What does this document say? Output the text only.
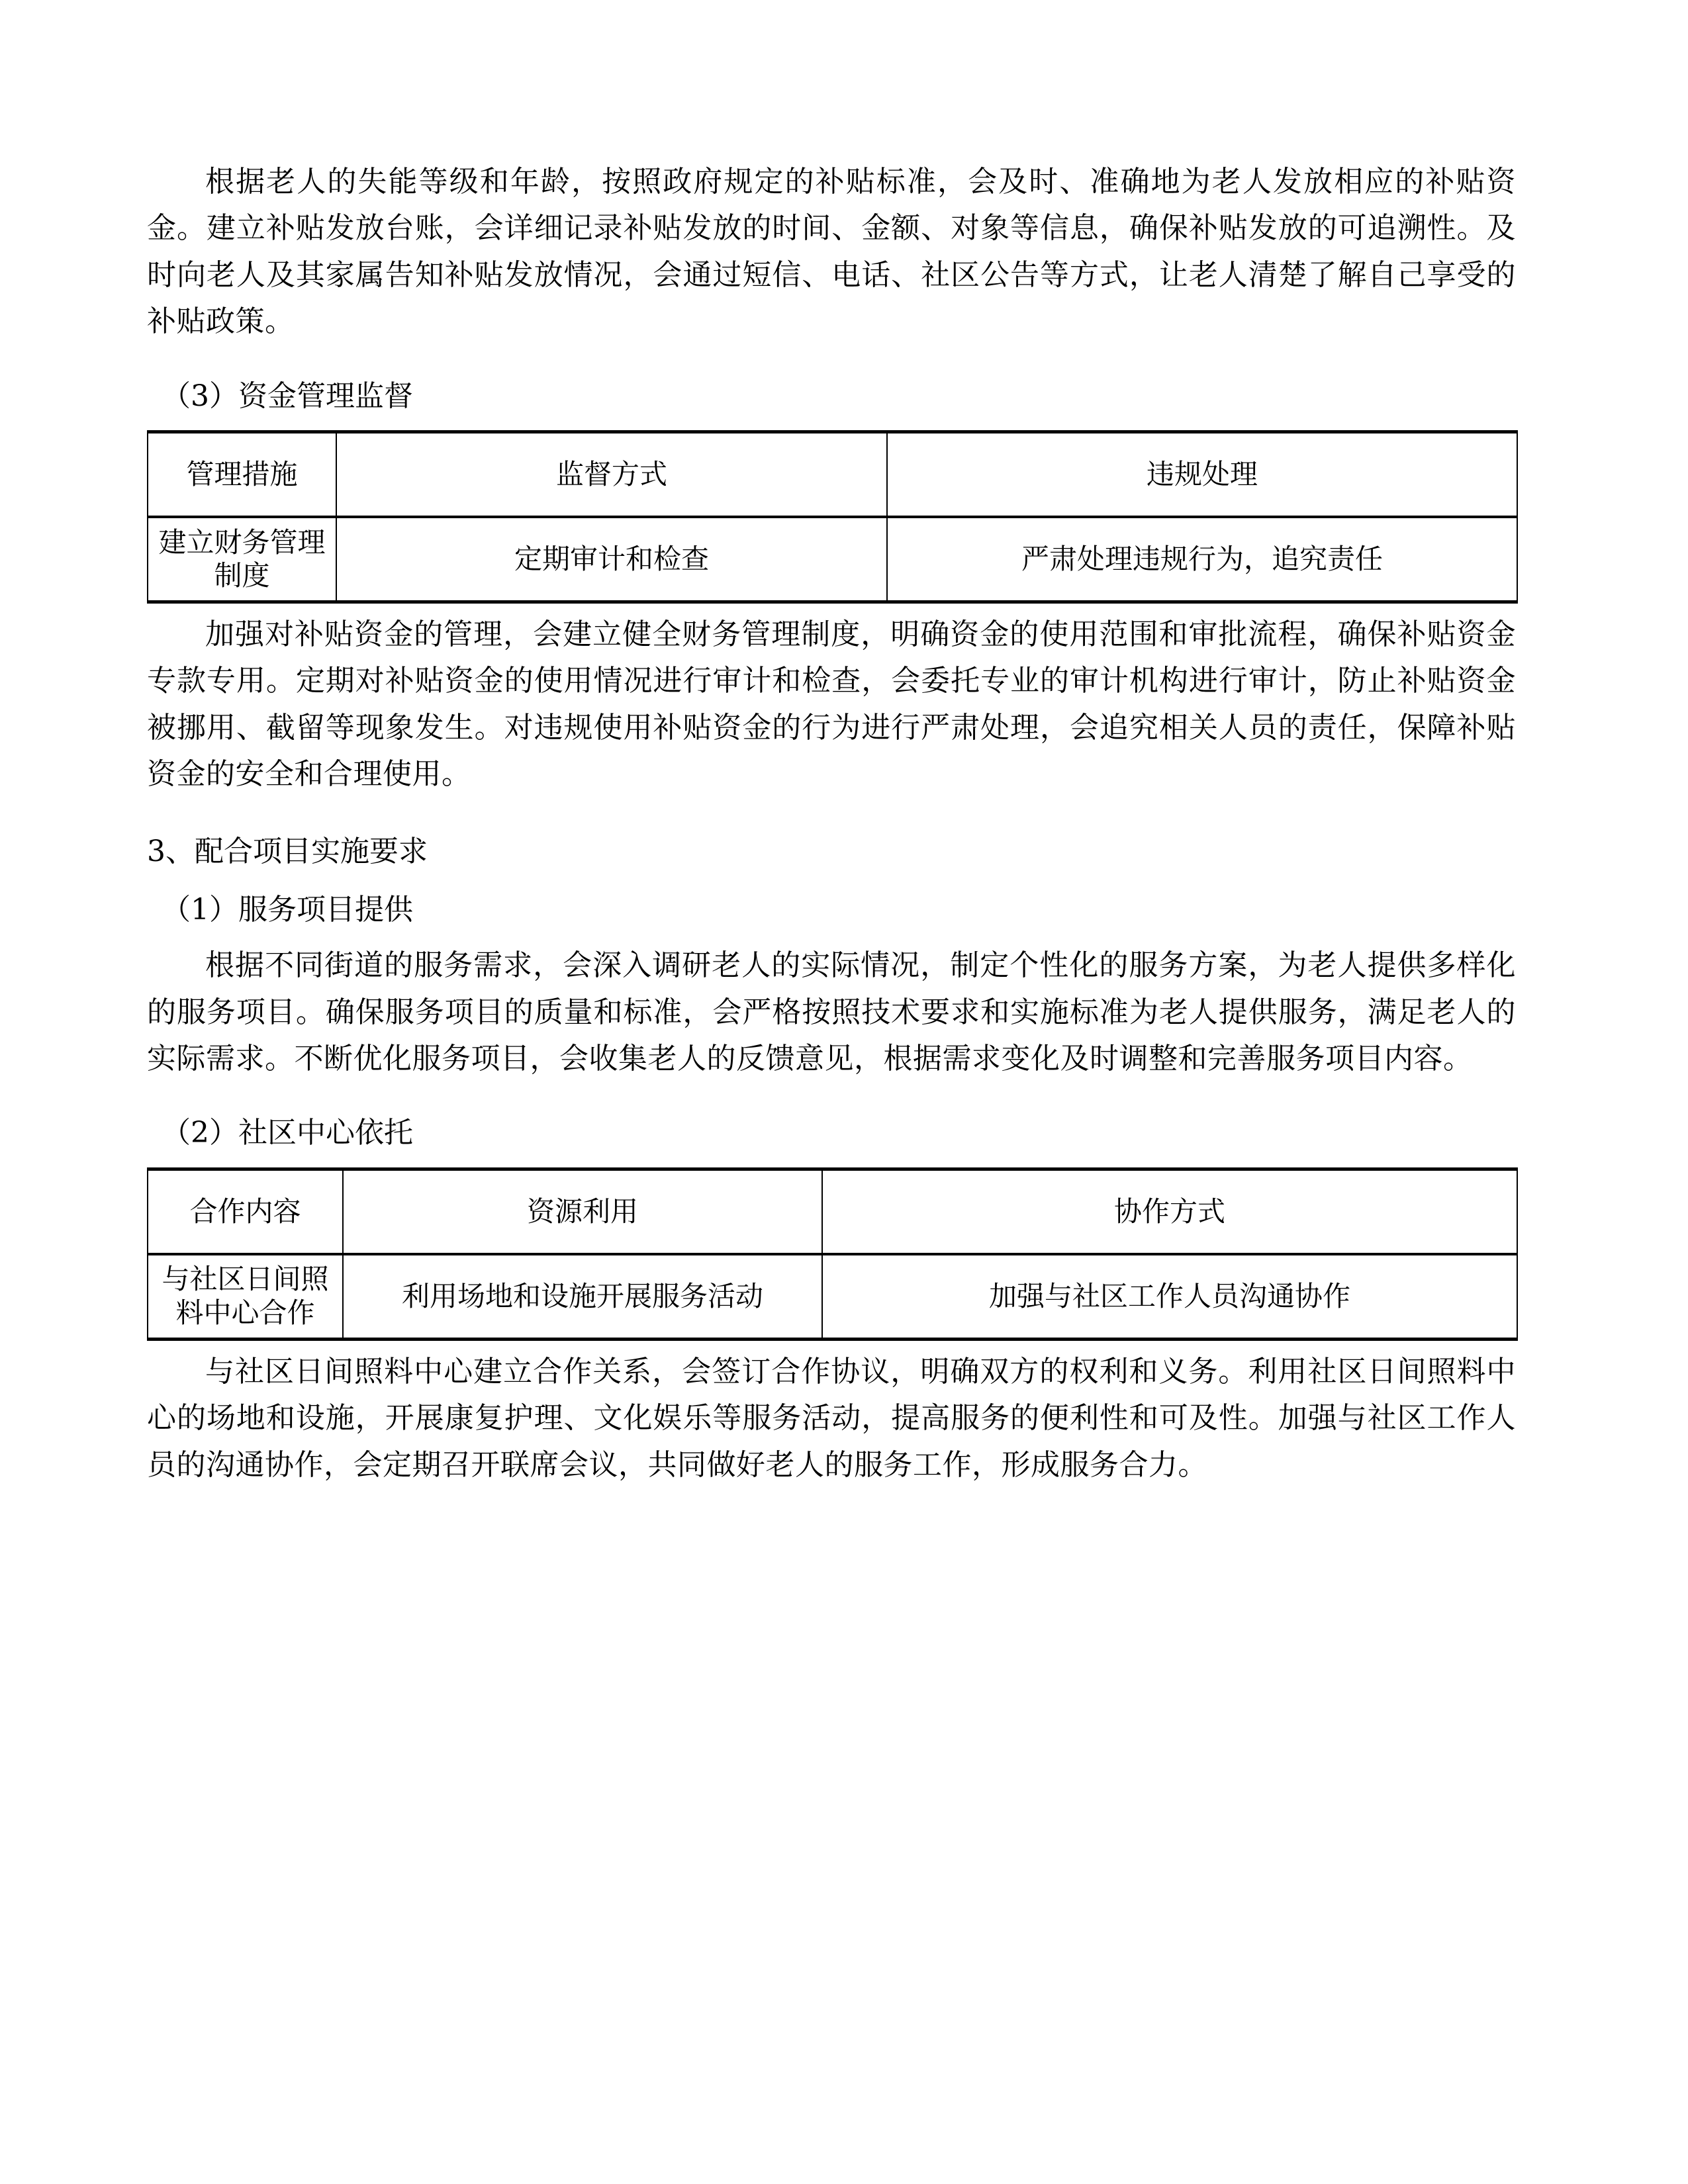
根据老人的失能等级和年龄，按照政府规定的补贴标准，会及时、准确地为老人发放相应的补贴资金。建立补贴发放台账，会详细记录补贴发放的时间、金额、对象等信息，确保补贴发放的可追溯性。及时向老人及其家属告知补贴发放情况，会通过短信、电话、社区公告等方式，让老人清楚了解自己享受的补贴政策。

（3）资金管理监督

管理措施	监督方式	违规处理
建立财务管理制度	定期审计和检查	严肃处理违规行为，追究责任

加强对补贴资金的管理，会建立健全财务管理制度，明确资金的使用范围和审批流程，确保补贴资金专款专用。定期对补贴资金的使用情况进行审计和检查，会委托专业的审计机构进行审计，防止补贴资金被挪用、截留等现象发生。对违规使用补贴资金的行为进行严肃处理，会追究相关人员的责任，保障补贴资金的安全和合理使用。

3、配合项目实施要求

（1）服务项目提供

根据不同街道的服务需求，会深入调研老人的实际情况，制定个性化的服务方案，为老人提供多样化的服务项目。确保服务项目的质量和标准，会严格按照技术要求和实施标准为老人提供服务，满足老人的实际需求。不断优化服务项目，会收集老人的反馈意见，根据需求变化及时调整和完善服务项目内容。

（2）社区中心依托

合作内容	资源利用	协作方式
与社区日间照料中心合作	利用场地和设施开展服务活动	加强与社区工作人员沟通协作

与社区日间照料中心建立合作关系，会签订合作协议，明确双方的权利和义务。利用社区日间照料中心的场地和设施，开展康复护理、文化娱乐等服务活动，提高服务的便利性和可及性。加强与社区工作人员的沟通协作，会定期召开联席会议，共同做好老人的服务工作，形成服务合力。
